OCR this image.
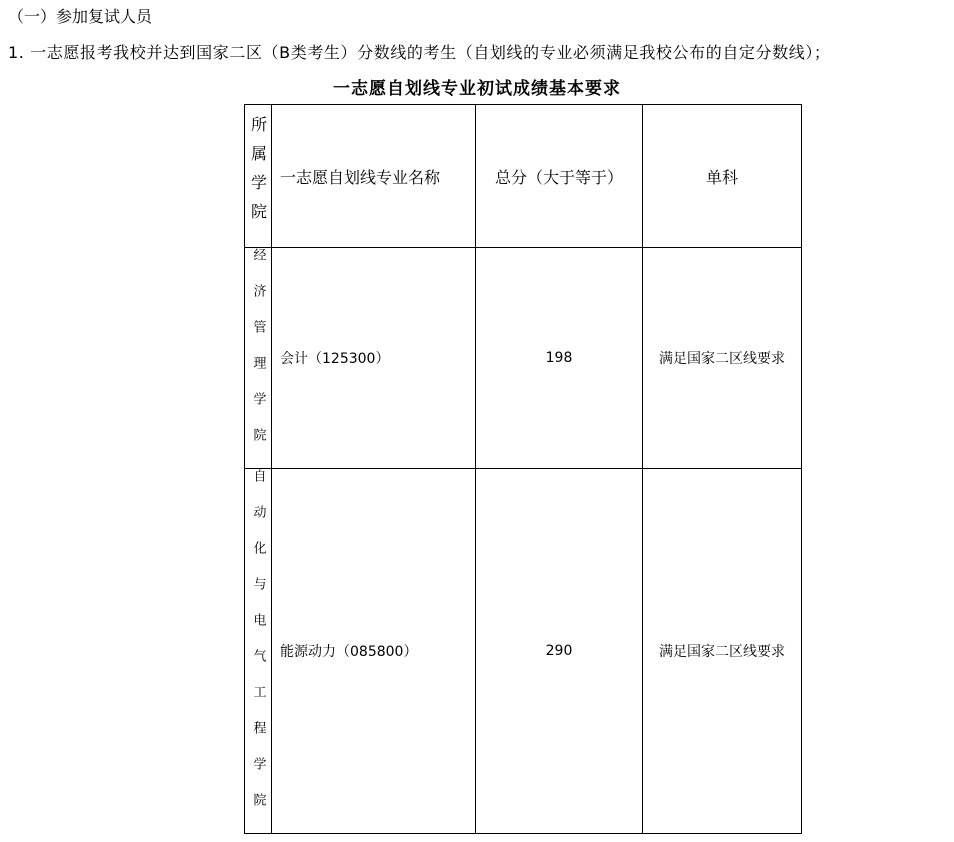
（一）参加复试人员
1. 一志愿报考我校并达到国家二区（B类考生）分数线的考生（自划线的专业必须满足我校公布的自定分数线）；
一志愿自划线专业初试成绩基本要求
所属学院	一志愿自划线专业名称	总分（大于等于）	单科
经济管理学院	会计（125300）	198	满足国家二区线要求
自动化与电气工程学院	能源动力（085800）	290	满足国家二区线要求
